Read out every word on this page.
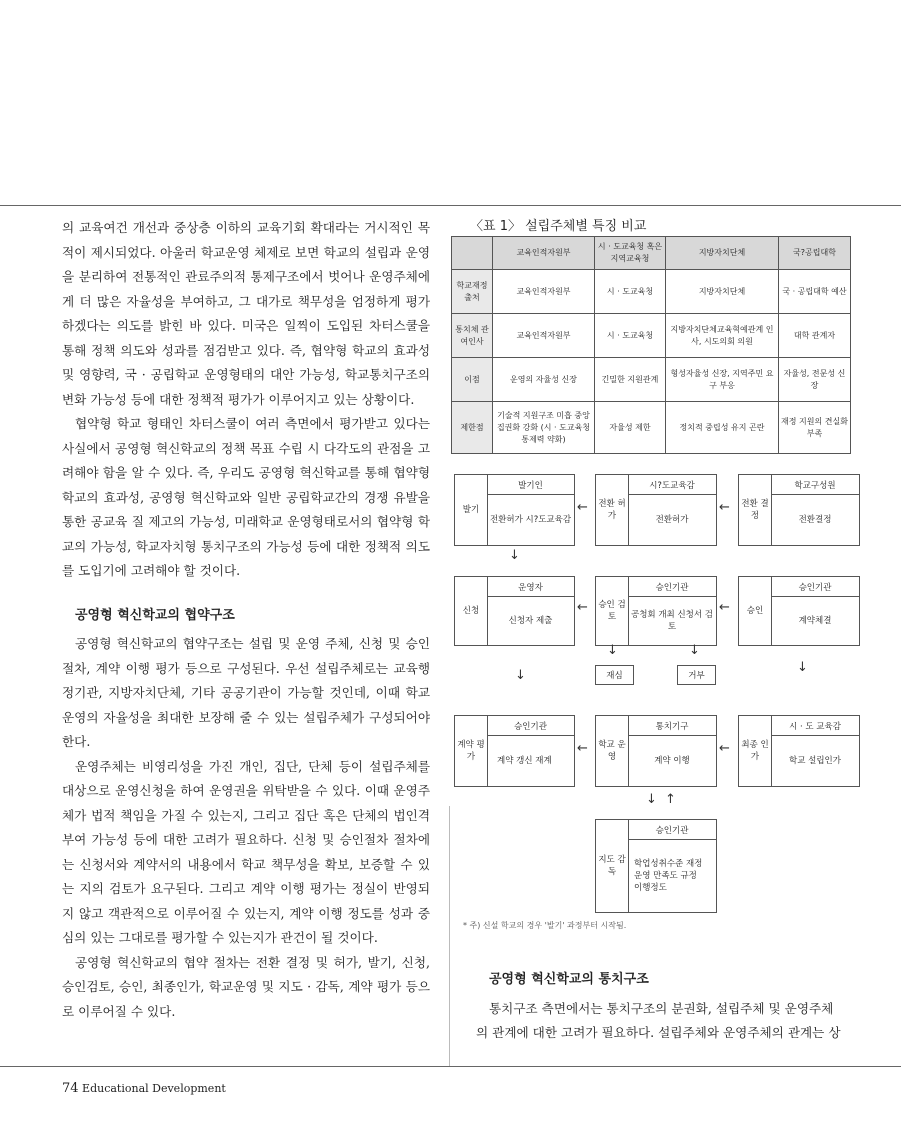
의 교육여건 개선과 중상층 이하의 교육기회 확대라는 거시적인 목적이 제시되었다. 아울러 학교운영 체제로 보면 학교의 설립과 운영을 분리하여 전통적인 관료주의적 통제구조에서 벗어나 운영주체에게 더 많은 자율성을 부여하고, 그 대가로 책무성을 엄정하게 평가하겠다는 의도를 밝힌 바 있다. 미국은 일찍이 도입된 차터스쿨을 통해 정책 의도와 성과를 점검받고 있다. 즉, 협약형 학교의 효과성 및 영향력, 국 · 공립학교 운영형태의 대안 가능성, 학교통치구조의 변화 가능성 등에 대한 정책적 평가가 이루어지고 있는 상황이다.

협약형 학교 형태인 차터스쿨이 여러 측면에서 평가받고 있다는 사실에서 공영형 혁신학교의 정책 목표 수립 시 다각도의 관점을 고려해야 함을 알 수 있다. 즉, 우리도 공영형 혁신학교를 통해 협약형 학교의 효과성, 공영형 혁신학교와 일반 공립학교간의 경쟁 유발을 통한 공교육 질 제고의 가능성, 미래학교 운영형태로서의 협약형 학교의 가능성, 학교자치형 통치구조의 가능성 등에 대한 정책적 의도를 도입기에 고려해야 할 것이다.

공영형 혁신학교의 협약구조

공영형 혁신학교의 협약구조는 설립 및 운영 주체, 신청 및 승인 절차, 계약 이행 평가 등으로 구성된다. 우선 설립주체로는 교육행정기관, 지방자치단체, 기타 공공기관이 가능할 것인데, 이때 학교운영의 자율성을 최대한 보장해 줄 수 있는 설립주체가 구성되어야 한다.

운영주체는 비영리성을 가진 개인, 집단, 단체 등이 설립주체를 대상으로 운영신청을 하여 운영권을 위탁받을 수 있다. 이때 운영주체가 법적 책임을 가질 수 있는지, 그리고 집단 혹은 단체의 법인격 부여 가능성 등에 대한 고려가 필요하다. 신청 및 승인절차 절차에는 신청서와 계약서의 내용에서 학교 책무성을 확보, 보증할 수 있는 지의 검토가 요구된다. 그리고 계약 이행 평가는 정실이 반영되지 않고 객관적으로 이루어질 수 있는지, 계약 이행 정도를 성과 중심의 있는 그대로를 평가할 수 있는지가 관건이 될 것이다.

공영형 혁신학교의 협약 절차는 전환 결정 및 허가, 발기, 신청, 승인검토, 승인, 최종인가, 학교운영 및 지도 · 감독, 계약 평가 등으로 이루어질 수 있다.

74 Educational Development
〈표 1〉 설립주체별 특징 비교
	교육인적자원부	시 · 도교육청 혹은 지역교육청	지방자치단체	국?공립대학
학교재정 출처	교육인적자원부	시 · 도교육청	지방자치단체	국 · 공립대학 예산
통치체 관여인사	교육인적자원부	시 · 도교육청	지방자치단체교육혁예관계 인사, 시도의회 의원	대학 관계자
이점	운영의 자율성 신장	긴밀한 지원관계	형성자율성 신장, 지역주민 요구 부응	자율성, 전문성 신장
제한점	기술적 지원구조 미흡 중앙집권화 강화 (시 · 도교육청 통제력 약화)	자율성 제한	정치적 중립성 유지 곤란	재정 지원의 견실화 부족
발기
발기인
전환허가 시?도교육감
← 전환 허가
시?도교육감
전환허가
← 전환 결정
학교구성원
전환결정
↓
신청
운영자
신청자 제출
← 승인 검토
승인기관
공청회 개최 신청서 검토
←	승인
승인기관
계약체결
↓	↓
재심	거부
↓
↓
계약 평가
승인기관
계약 갱신 재계
← 학교 운영
통치기구
계약 이행
← 최종 인가
시 · 도 교육감
학교 설립인가
↓ ↑
지도 감독
승인기관
학업성취수준 재정운영 만족도 규정이행정도
* 주) 신설 학교의 경우 '발기' 과정부터 시작됨.

공영형 혁신학교의 통치구조

통치구조 측면에서는 통치구조의 분권화, 설립주체 및 운영주체의 관계에 대한 고려가 필요하다. 설립주체와 운영주체의 관계는 상
